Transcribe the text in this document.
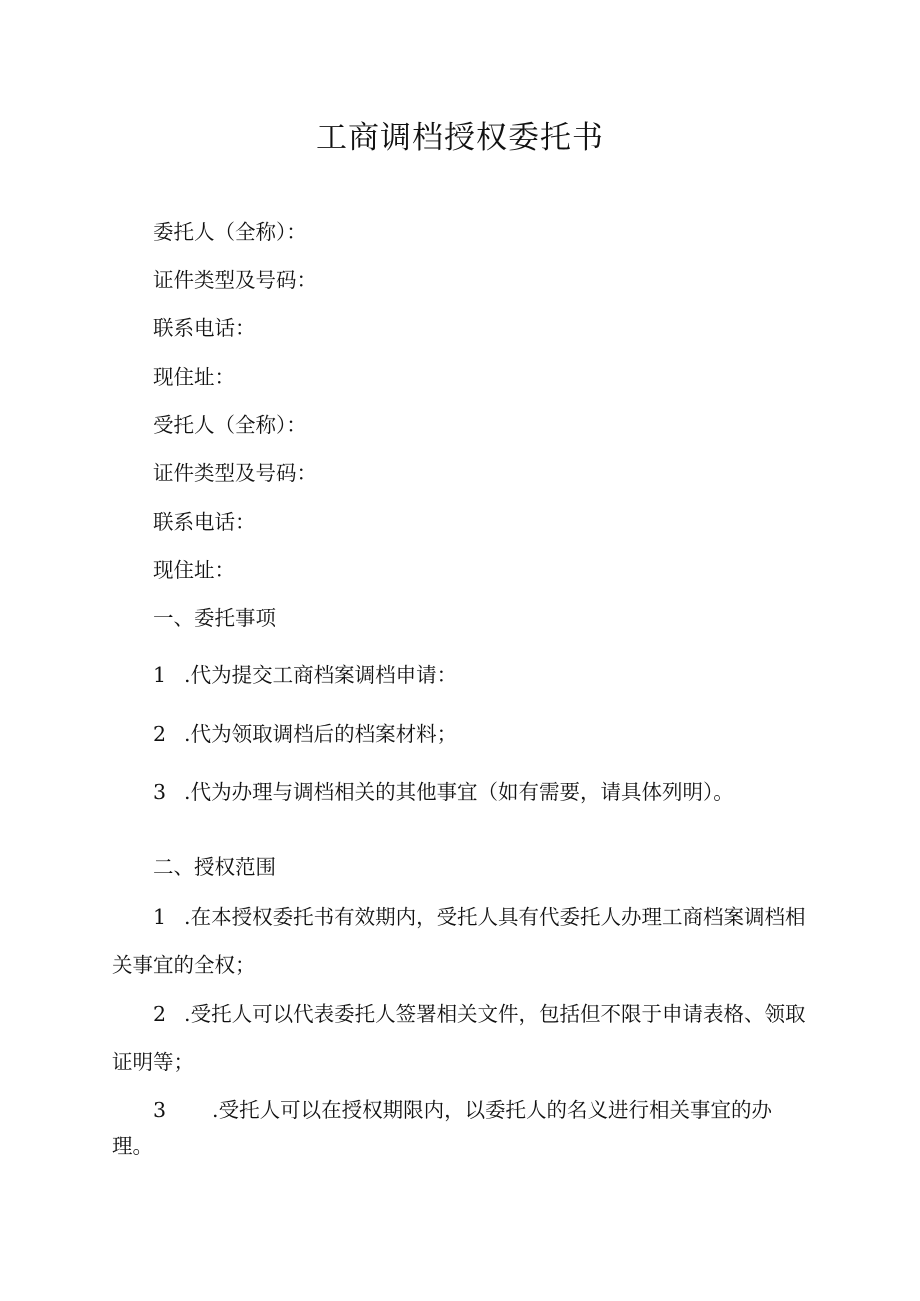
工商调档授权委托书
委托人（全称）：
证件类型及号码：
联系电话：
现住址：
受托人（全称）：
证件类型及号码：
联系电话：
现住址：
一、委托事项
1 .代为提交工商档案调档申请：
2 .代为领取调档后的档案材料；
3 .代为办理与调档相关的其他事宜（如有需要，请具体列明）。
二、授权范围
1 .在本授权委托书有效期内，受托人具有代委托人办理工商档案调档相关事宜的全权；
2 .受托人可以代表委托人签署相关文件，包括但不限于申请表格、领取证明等；
3 .受托人可以在授权期限内，以委托人的名义进行相关事宜的办理。
